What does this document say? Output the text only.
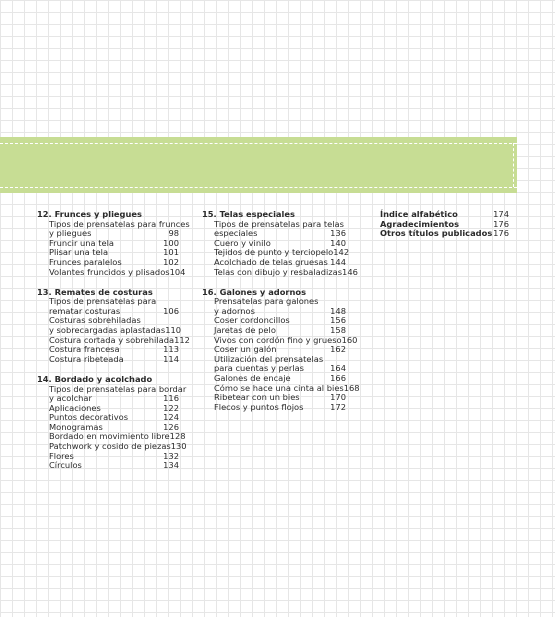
12. Frunces y pliegues
Tipos de prensatelas para frunces
y pliegues	98
Fruncir una tela	100
Plisar una tela	101
Frunces paralelos	102
Volantes fruncidos y plisados 104
13. Remates de costuras
Tipos de prensatelas para
rematar costuras	106
Costuras sobrehiladas
y sobrecargadas aplastadas 110
Costura cortada y sobrehilada 112
Costura francesa	113
Costura ribeteada	114
14. Bordado y acolchado
Tipos de prensatelas para bordar
y acolchar	116
Aplicaciones	122
Puntos decorativos	124
Monogramas	126
Bordado en movimiento libre 128
Patchwork y cosido de piezas 130
Flores	132
Círculos	134
15. Telas especiales
Tipos de prensatelas para telas
especiales	136
Cuero y vinilo	140
Tejidos de punto y terciopelo 142
Acolchado de telas gruesas 144
Telas con dibujo y resbaladizas 146
16. Galones y adornos
Prensatelas para galones
y adornos	148
Coser cordoncillos	156
Jaretas de pelo	158
Vivos con cordón fino y grueso 160
Coser un galón	162
Utilización del prensatelas
para cuentas y perlas	164
Galones de encaje	166
Cómo se hace una cinta al bies 168
Ribetear con un bies	170
Flecos y puntos flojos	172
Índice alfabético	174
Agradecimientos	176
Otros títulos publicados 176
